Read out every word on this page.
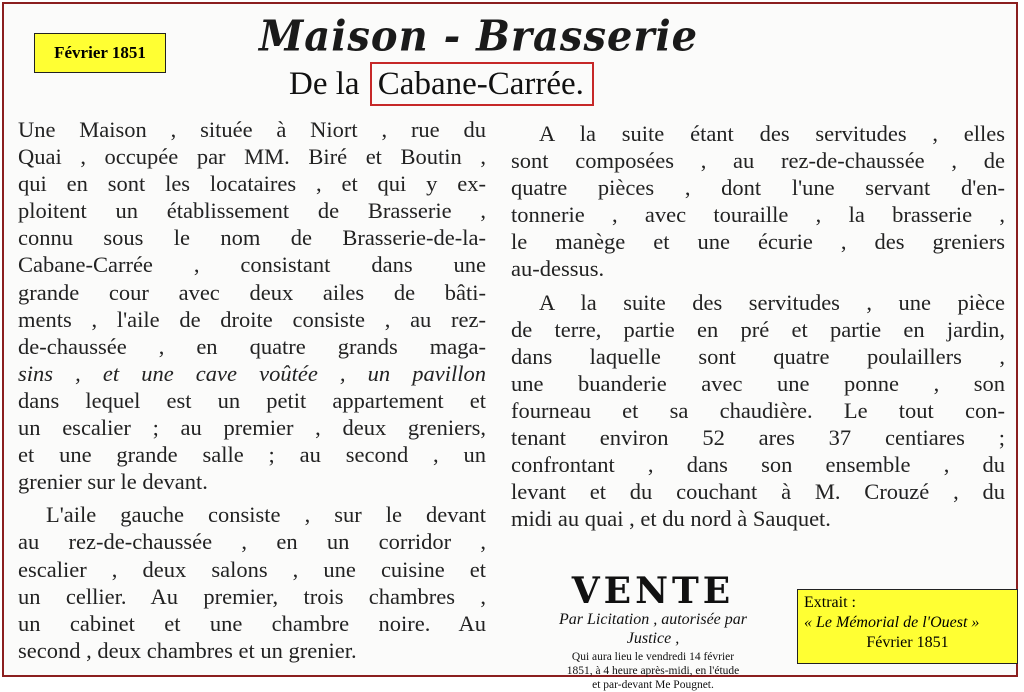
Février 1851	Maison - Brasserie
De la Cabane-Carrée.

Une Maison , située à Niort , rue du
Quai , occupée par MM. Biré et Boutin ,
qui en sont les locataires , et qui y ex-
ploitent un établissement de Brasserie ,
connu sous le nom de Brasserie-de-la-
Cabane-Carrée , consistant dans une
grande cour avec deux ailes de bâti-
ments , l'aile de droite consiste , au rez-
de-chaussée , en quatre grands maga-
sins , et une cave voûtée , un pavillon
dans lequel est un petit appartement et
un escalier ; au premier , deux greniers,
et une grande salle ; au second , un
grenier sur le devant.

L'aile gauche consiste , sur le devant
au rez-de-chaussée , en un corridor ,
escalier , deux salons , une cuisine et
un cellier. Au premier, trois chambres ,
un cabinet et une chambre noire. Au
second , deux chambres et un grenier.

A la suite étant des servitudes , elles
sont composées , au rez-de-chaussée , de
quatre pièces , dont l'une servant d'en-
tonnerie , avec touraille , la brasserie ,
le manège et une écurie , des greniers
au-dessus.

A la suite des servitudes , une pièce
de terre, partie en pré et partie en jardin,
dans laquelle sont quatre poulaillers ,
une buanderie avec une ponne , son
fourneau et sa chaudière. Le tout con-
tenant environ 52 ares 37 centiares ;
confrontant , dans son ensemble , du
levant et du couchant à M. Crouzé , du
midi au quai , et du nord à Sauquet.

VENTE
Par Licitation , autorisée par
Justice ,
Qui aura lieu le vendredi 14 février
1851, à 4 heure après-midi, en l'étude
et par-devant Me Pougnet.
Extrait :
« Le Mémorial de l'Ouest »
Février 1851
